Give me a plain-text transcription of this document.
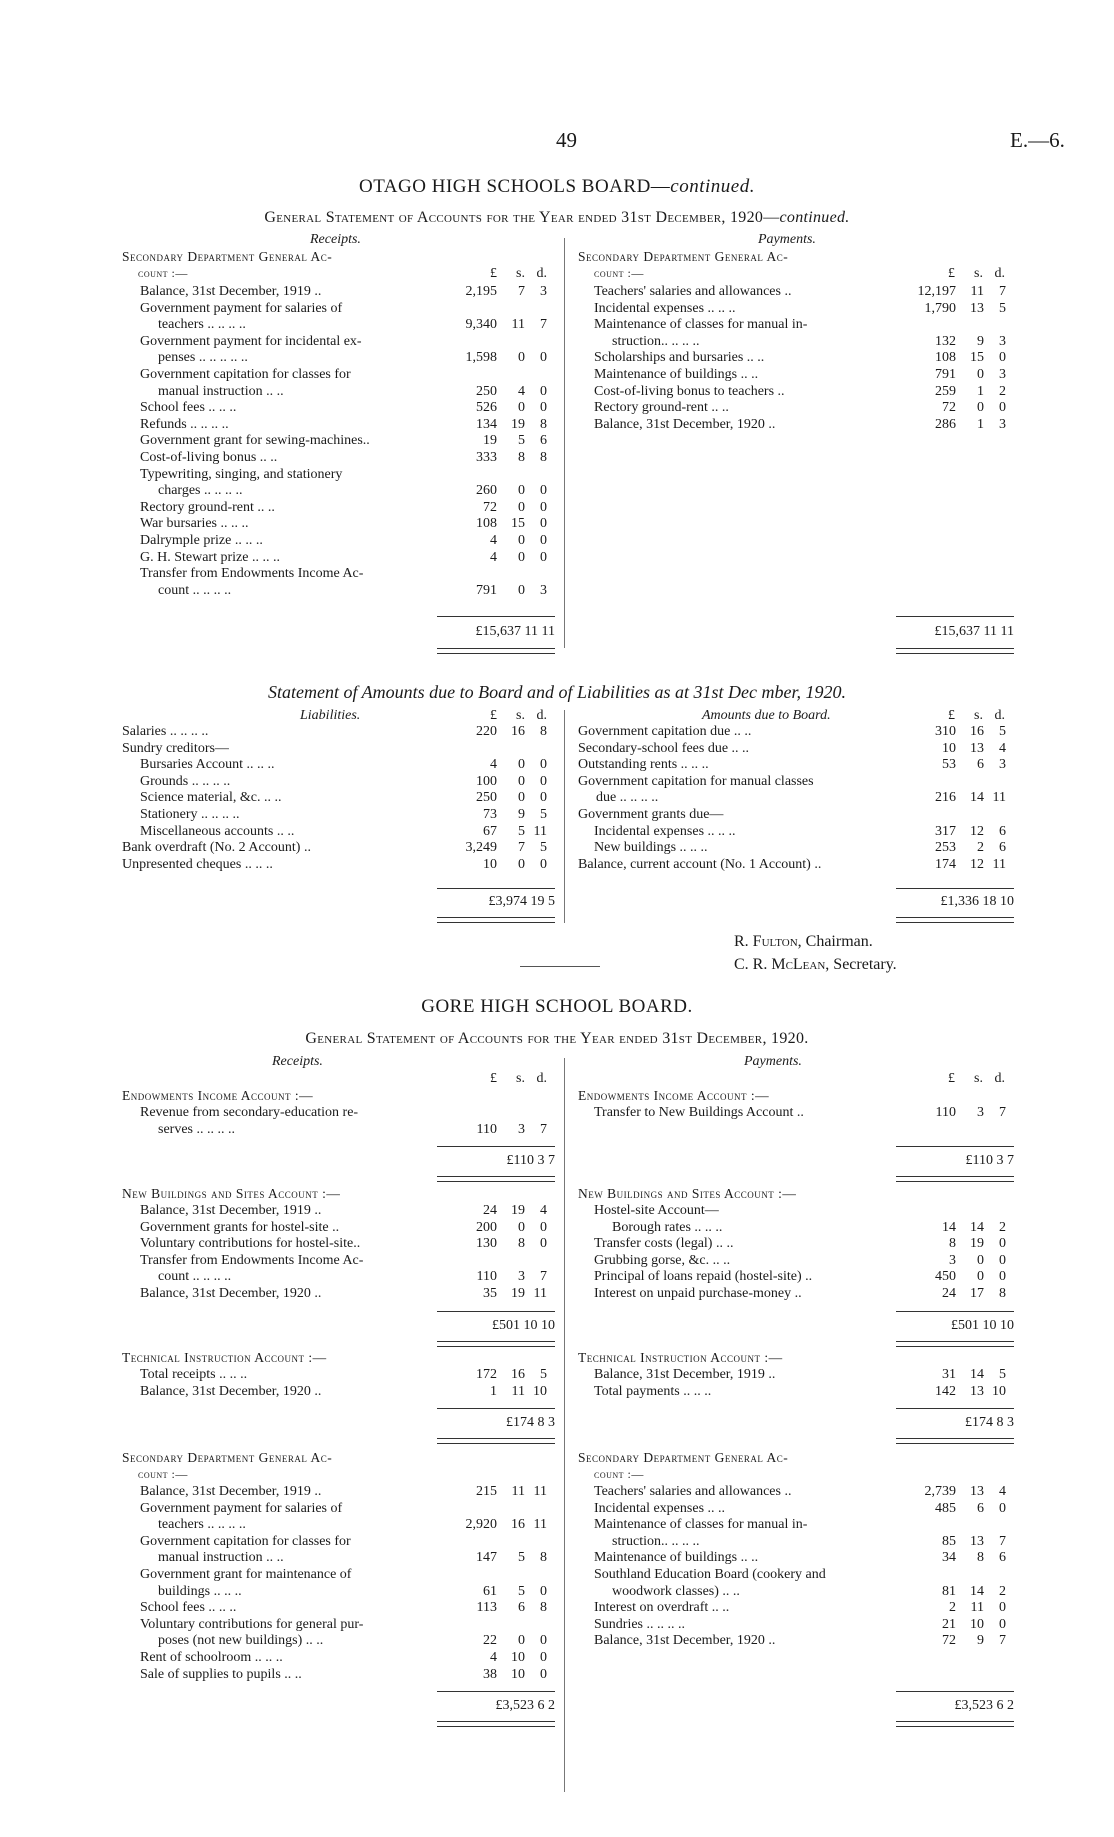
49	E.—6.
OTAGO HIGH SCHOOLS BOARD—continued.
General Statement of Accounts for the Year ended 31st December, 1920—continued.
Receipts.	Payments.
Secondary Department General Ac-
count :—
Secondary Department General Ac-
count :—
£	s. d.	£	s. d.
Balance, 31st December, 1919 ..	2,195	7	3
Government payment for salaries of
teachers .. .. .. ..	9,340	11	7
Government payment for incidental ex-
penses .. .. .. .. ..	1,598	0	0
Government capitation for classes for
manual instruction .. ..	250	4	0
School fees .. .. ..	526	0	0
Refunds .. .. .. ..	134	19	8
Government grant for sewing-machines..	19	5	6
Cost-of-living bonus .. ..	333	8	8
Typewriting, singing, and stationery
charges .. .. .. ..	260	0	0
Rectory ground-rent .. ..	72	0	0
War bursaries .. .. ..	108	15	0
Dalrymple prize .. .. ..	4	0	0
G. H. Stewart prize .. .. ..	4	0	0
Transfer from Endowments Income Ac-
count .. .. .. ..	791	0	3
Teachers' salaries and allowances ..	12,197	11	7
Incidental expenses .. .. ..	1,790	13	5
Maintenance of classes for manual in-
struction.. .. .. ..	132	9	3
Scholarships and bursaries .. ..	108	15	0
Maintenance of buildings .. ..	791	0	3
Cost-of-living bonus to teachers ..	259	1	2
Rectory ground-rent .. ..	72	0	0
Balance, 31st December, 1920 ..	286	1	3
£15,637 11 11	£15,637 11 11
Statement of Amounts due to Board and of Liabilities as at 31st Dec mber, 1920.
Liabilities.	Amounts due to Board.
£	s. d.	£	s. d.
Salaries .. .. .. ..	220	16	8
Sundry creditors—
Bursaries Account .. .. ..	4	0	0
Grounds .. .. .. ..	100	0	0
Science material, &c. .. ..	250	0	0
Stationery .. .. .. ..	73	9	5
Miscellaneous accounts .. ..	67	5 11
Bank overdraft (No. 2 Account) ..	3,249	7	5
Unpresented cheques .. .. ..	10	0	0
Government capitation due .. ..	310	16	5
Secondary-school fees due .. ..	10	13	4
Outstanding rents .. .. ..	53	6	3
Government capitation for manual classes
due .. .. .. ..	216	14 11
Government grants due—
Incidental expenses .. .. ..	317	12	6
New buildings .. .. ..	253	2	6
Balance, current account (No. 1 Account) ..	174	12 11
£3,974 19 5	£1,336 18 10
R. Fulton, Chairman.
C. R. McLean, Secretary.
GORE HIGH SCHOOL BOARD.
General Statement of Accounts for the Year ended 31st December, 1920.
Receipts.	Payments.
£	s. d.	£	s. d.
Endowments Income Account :—	Endowments Income Account :—
Revenue from secondary-education re-
serves .. .. .. ..	110	3	7
Transfer to New Buildings Account ..	110	3	7
£110 3 7	£110 3 7
New Buildings and Sites Account :—	New Buildings and Sites Account :—
Balance, 31st December, 1919 ..	24	19	4
Government grants for hostel-site ..	200	0	0
Voluntary contributions for hostel-site..	130	8	0
Transfer from Endowments Income Ac-
count .. .. .. ..	110	3	7
Balance, 31st December, 1920 ..	35	19 11
Hostel-site Account—
Borough rates .. .. ..	14	14	2
Transfer costs (legal) .. ..	8	19	0
Grubbing gorse, &c. .. ..	3	0	0
Principal of loans repaid (hostel-site) ..	450	0	0
Interest on unpaid purchase-money ..	24	17	8
£501 10 10	£501 10 10
Technical Instruction Account :—	Technical Instruction Account :—
Total receipts .. .. ..	172	16	5
Balance, 31st December, 1920 ..	1	11 10
Balance, 31st December, 1919 ..	31	14	5
Total payments .. .. ..	142	13 10
£174 8 3	£174 8 3
Secondary Department General Ac-	Secondary Department General Ac-
count :—	count :—
Balance, 31st December, 1919 ..	215	11 11
Government payment for salaries of
teachers .. .. .. ..	2,920	16 11
Government capitation for classes for
manual instruction .. ..	147	5	8
Government grant for maintenance of
buildings .. .. ..	61	5	0
School fees .. .. ..	113	6	8
Voluntary contributions for general pur-
poses (not new buildings) .. ..	22	0	0
Rent of schoolroom .. .. ..	4	10	0
Sale of supplies to pupils .. ..	38	10	0
Teachers' salaries and allowances ..	2,739	13	4
Incidental expenses .. ..	485	6	0
Maintenance of classes for manual in-
struction.. .. .. ..	85	13	7
Maintenance of buildings .. ..	34	8	6
Southland Education Board (cookery and
woodwork classes) .. ..	81	14	2
Interest on overdraft .. ..	2	11	0
Sundries .. .. .. ..	21	10	0
Balance, 31st December, 1920 ..	72	9	7
£3,523 6 2	£3,523 6 2
